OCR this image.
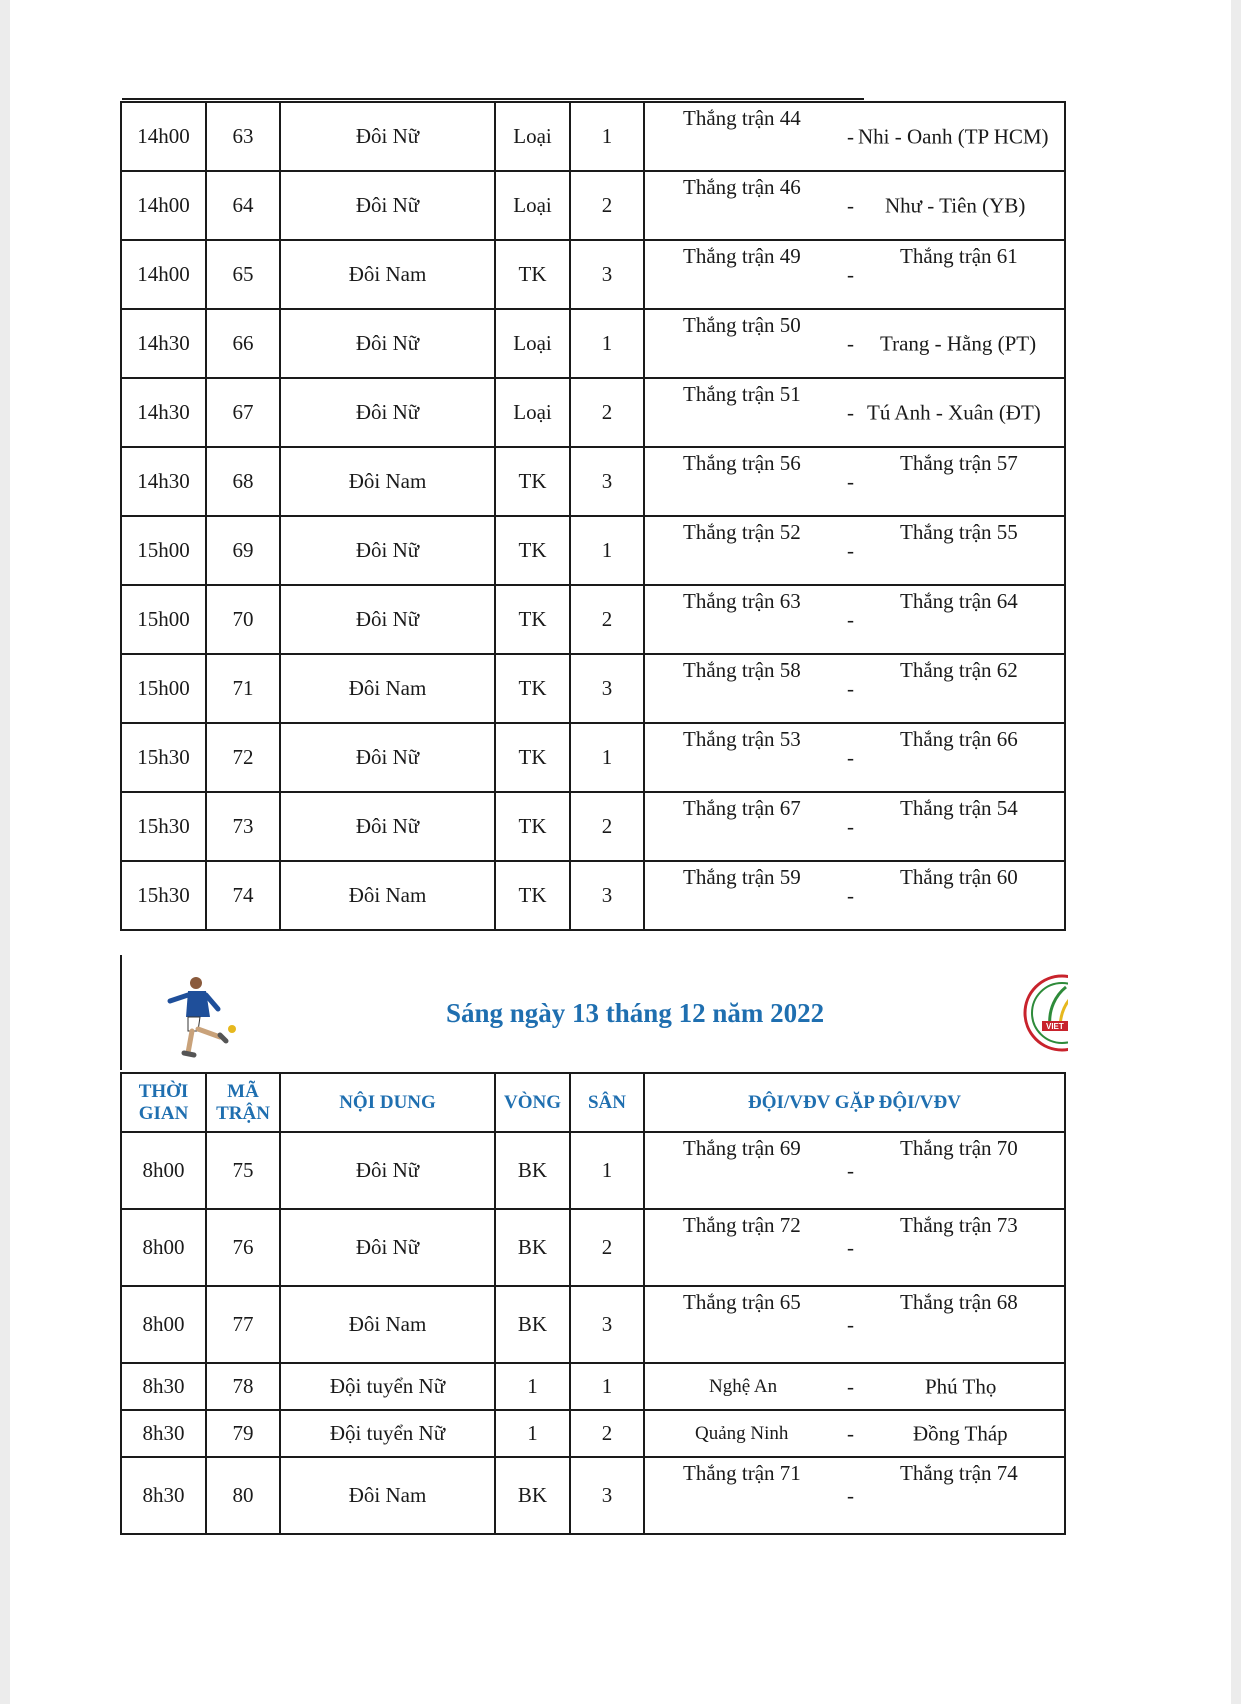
14h00	63	Đôi Nữ	Loại	1	Thắng trận 44
- Nhi - Oanh (TP HCM)

14h00	64	Đôi Nữ	Loại	2	Thắng trận 46
- Như - Tiên (YB)

14h00	65	Đôi Nam	TK	3	Thắng trận 49
-
Thắng trận 61

14h30	66	Đôi Nữ	Loại	1	Thắng trận 50
- Trang - Hằng (PT)

14h30	67	Đôi Nữ	Loại	2	Thắng trận 51
- Tú Anh - Xuân (ĐT)

14h30	68	Đôi Nam	TK	3	Thắng trận 56
-
Thắng trận 57

15h00	69	Đôi Nữ	TK	1	Thắng trận 52
-
Thắng trận 55

15h00	70	Đôi Nữ	TK	2	Thắng trận 63
-
Thắng trận 64

15h00	71	Đôi Nam	TK	3	Thắng trận 58
-
Thắng trận 62

15h30	72	Đôi Nữ	TK	1	Thắng trận 53
-
Thắng trận 66

15h30	73	Đôi Nữ	TK	2	Thắng trận 67
-
Thắng trận 54

15h30	74	Đôi Nam	TK	3	Thắng trận 59
-
Thắng trận 60
Sáng ngày 13 tháng 12 năm 2022	VIET
THỜI GIAN	MÃ TRẬN	NỘI DUNG	VÒNG	SÂN	ĐỘI/VĐV GẶP ĐỘI/VĐV
8h00	75	Đôi Nữ	BK	1	Thắng trận 69
-
Thắng trận 70

8h00	76	Đôi Nữ	BK	2	Thắng trận 72
-
Thắng trận 73

8h00	77	Đôi Nam	BK	3	Thắng trận 65
-
Thắng trận 68

8h30	78	Đội tuyển Nữ	1	1	Nghệ An - Phú Thọ

8h30	79	Đội tuyển Nữ	1	2	Quảng Ninh - Đồng Tháp

8h30	80	Đôi Nam	BK	3	Thắng trận 71
-
Thắng trận 74
